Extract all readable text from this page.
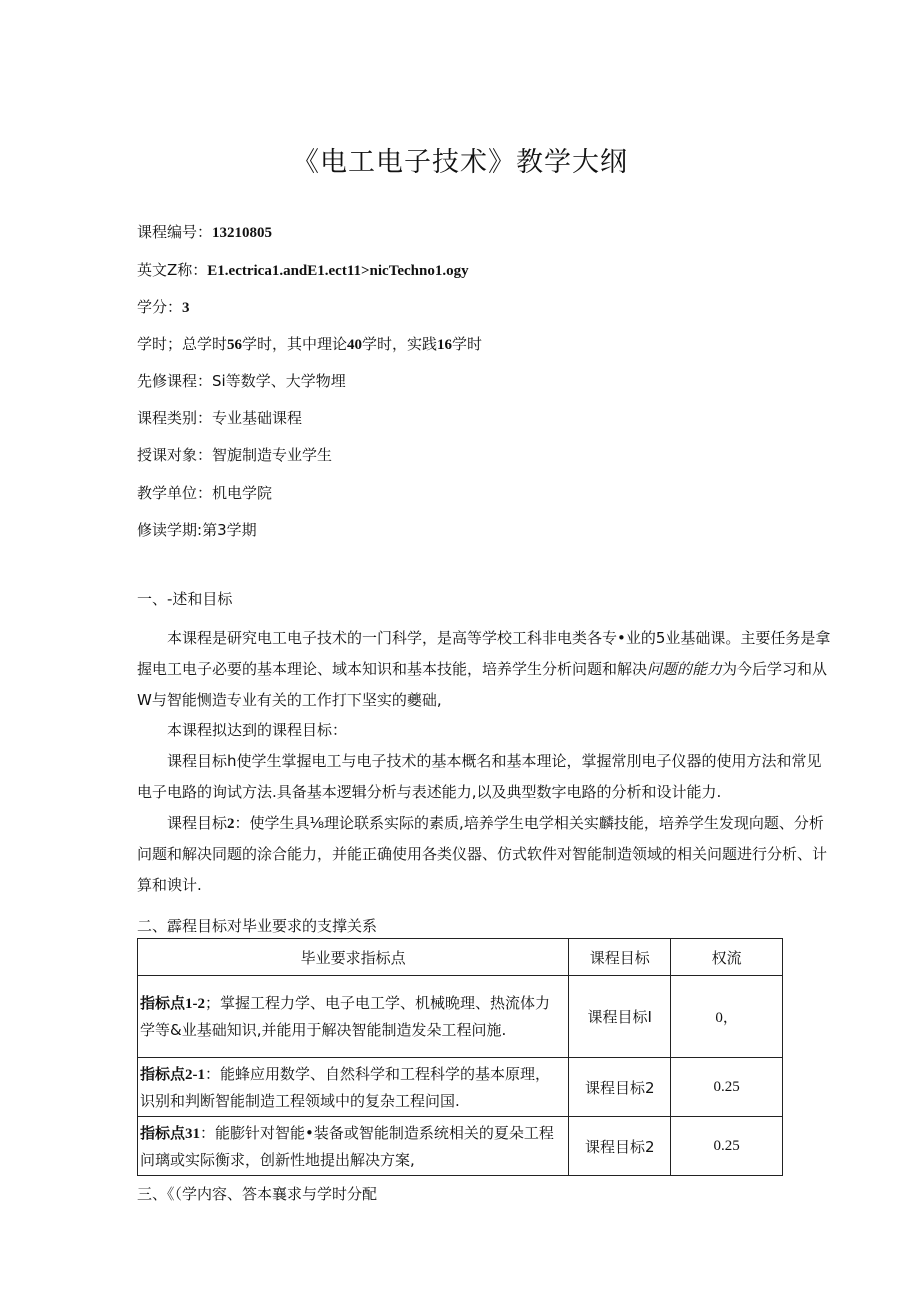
《电工电子技术》教学大纲
课程编号：13210805
英文Z称：E1.ectrica1.andE1.ect11>nicTechno1.ogy
学分：3
学时；总学时56学时，其中理论40学时，实践16学时
先修课程：Si等数学、大学物埋
课程类别：专业基础课程
授课对象：智旎制造专业学生
教学单位：机电学院
修读学期:第3学期
一、-述和目标
本课程是研究电工电子技术的一门科学，是高等学校工科非电类各专•业的5业基础课。主要任务是拿
握电工电子必要的基本理论、域本知识和基本技能，培养学生分析问题和解决问题的能力为今后学习和从
W与智能恻造专业有关的工作打下坚实的夔础,
本课程拟达到的课程目标：
课程目标h使学生掌握电工与电子技术的基本概名和基本理论，掌握常刖电子仪器的使用方法和常见
电子电路的询试方法.具备基本逻辑分析与表述能力,以及典型数字电路的分析和设计能力.
课程目标2：使学生具⅛理论联系实际的素质,培养学生电学相关实麟技能，培养学生发现向题、分析
问题和解决同题的涂合能力，并能正确使用各类仪器、仿式软件对智能制造领域的相关问题进行分析、计
算和谀计.
二、霹程目标对毕业要求的支撑关系
毕业要求指标点	课程目标	权流
指标点1-2；掌握工程力学、电子电工学、机械晩理、热流体力
学等&业基础知识,并能用于解决智能制造发朵工程问施.	课程目标I	0，
指标点2-1：能蜂应用数学、自然科学和工程科学的基本原理，
识别和判断智能制造工程领域中的复杂工程问国.	课程目标2	0.25
指标点31：能膨针对智能•装备或智能制造系统相关的夏朵工程
问璃或实际衡求，创新性地提出解决方案,	课程目标2	0.25
三、《（学内容、答本襄求与学时分配
